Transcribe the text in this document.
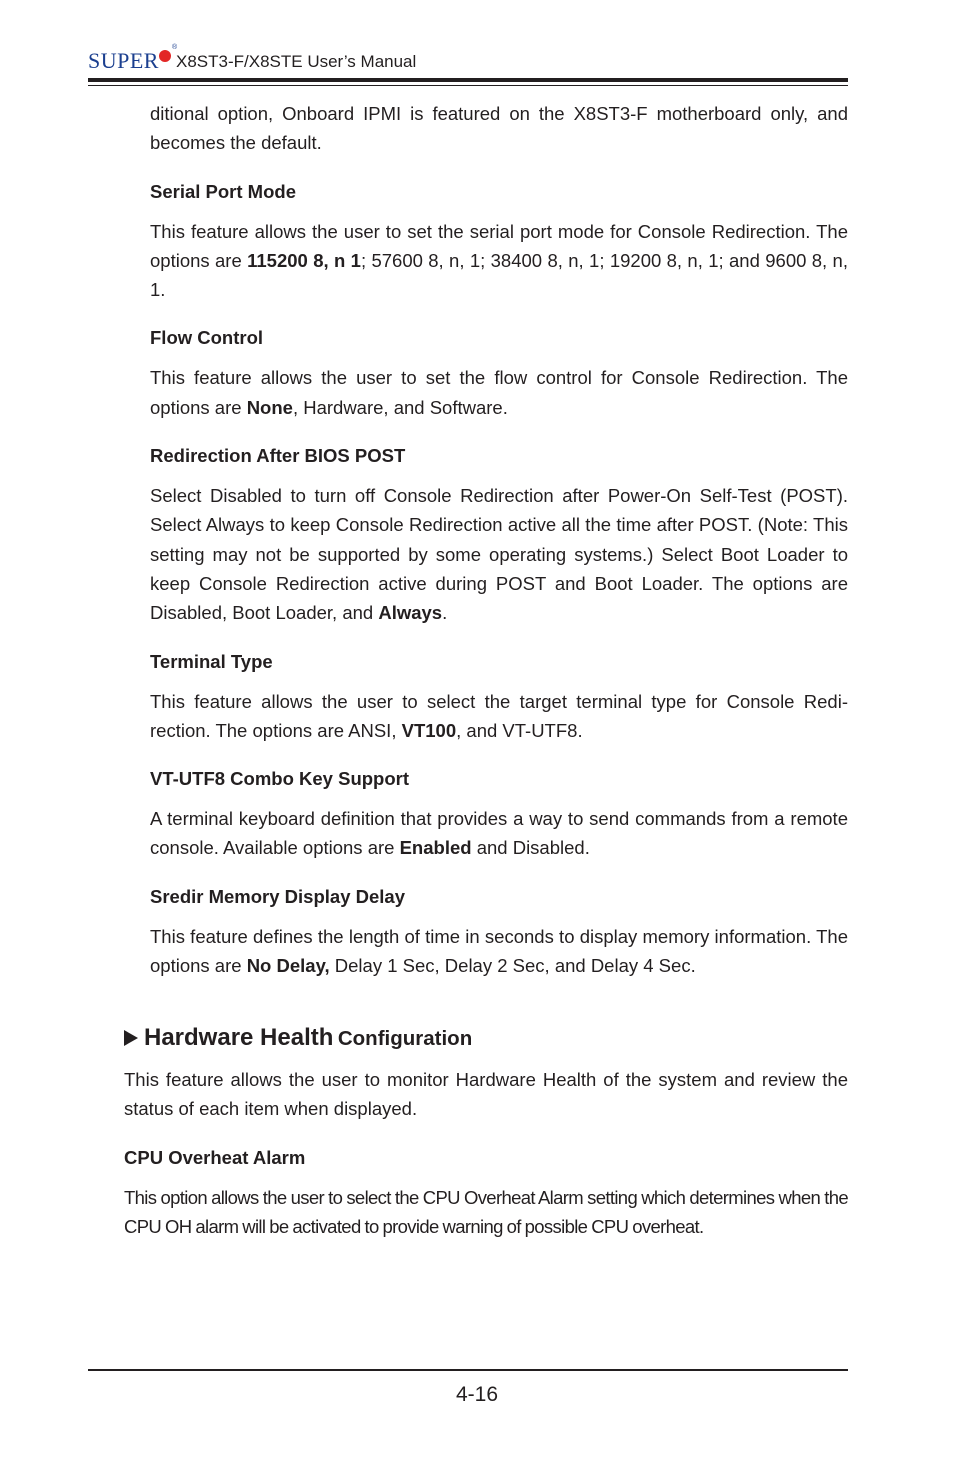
SUPER
®
X8ST3-F/X8STE User’s Manual

ditional option, Onboard IPMI is featured on the X8ST3-F motherboard only, and becomes the default.

Serial Port Mode

This feature allows the user to set the serial port mode for Console Redirection. The options are 115200 8, n 1; 57600 8, n, 1; 38400 8, n, 1; 19200 8, n, 1; and 9600 8, n, 1.

Flow Control

This feature allows the user to set the flow control for Console Redirection. The options are None, Hardware, and Software.

Redirection After BIOS POST

Select Disabled to turn off Console Redirection after Power-On Self-Test (POST). Select Always to keep Console Redirection active all the time after POST. (Note: This setting may not be supported by some operating systems.) Select Boot Loader to keep Console Redirection active during POST and Boot Loader. The options are Disabled, Boot Loader, and Always.

Terminal Type

This feature allows the user to select the target terminal type for Console Redi-rection. The options are ANSI, VT100, and VT-UTF8.

VT-UTF8 Combo Key Support

A terminal keyboard definition that provides a way to send commands from a remote console. Available options are Enabled and Disabled.

Sredir Memory Display Delay

This feature defines the length of time in seconds to display memory information. The options are No Delay, Delay 1 Sec, Delay 2 Sec, and Delay 4 Sec.

Hardware Health Configuration

This feature allows the user to monitor Hardware Health of the system and review the status of each item when displayed.

CPU Overheat Alarm

This option allows the user to select the CPU Overheat Alarm setting which determines when the CPU OH alarm will be activated to provide warning of possible CPU overheat.

4-16
